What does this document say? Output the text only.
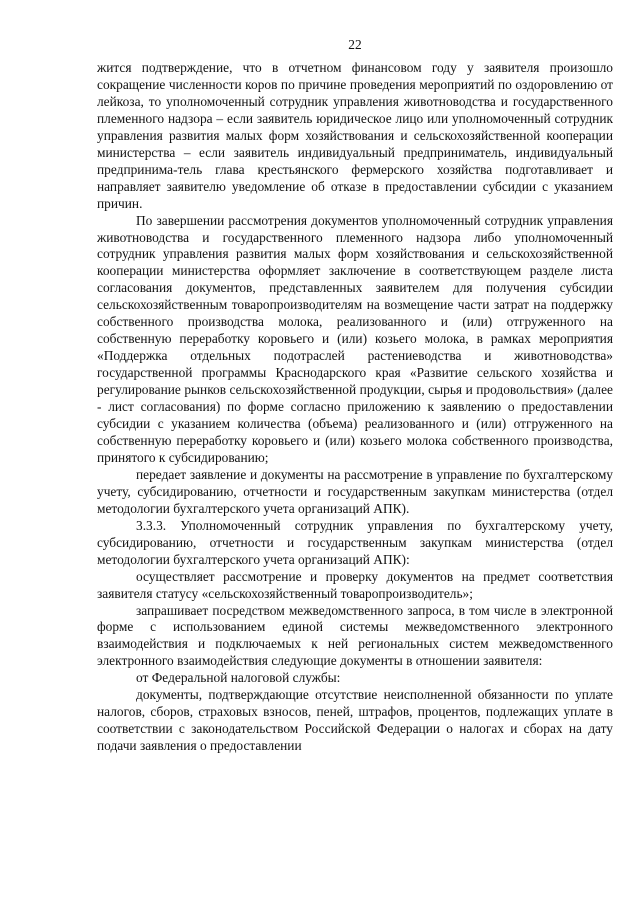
22

жится подтверждение, что в отчетном финансовом году у заявителя произошло сокращение численности коров по причине проведения мероприятий по оздоровлению от лейкоза, то уполномоченный сотрудник управления животноводства и государственного племенного надзора – если заявитель юридическое лицо или уполномоченный сотрудник управления развития малых форм хозяйствования и сельскохозяйственной кооперации министерства – если заявитель индивидуальный предприниматель, индивидуальный предпринима-тель глава крестьянского фермерского хозяйства подготавливает и направляет заявителю уведомление об отказе в предоставлении субсидии с указанием причин.

По завершении рассмотрения документов уполномоченный сотрудник управления животноводства и государственного племенного надзора либо уполномоченный сотрудник управления развития малых форм хозяйствования и сельскохозяйственной кооперации министерства оформляет заключение в соответствующем разделе листа согласования документов, представленных заявителем для получения субсидии сельскохозяйственным товаропроизводителям на возмещение части затрат на поддержку собственного производства молока, реализованного и (или) отгруженного на собственную переработку коровьего и (или) козьего молока, в рамках мероприятия «Поддержка отдельных подотраслей растениеводства и животноводства» государственной программы Краснодарского края «Развитие сельского хозяйства и регулирование рынков сельскохозяйственной продукции, сырья и продовольствия» (далее - лист согласования) по форме согласно приложению к заявлению о предоставлении субсидии с указанием количества (объема) реализованного и (или) отгруженного на собственную переработку коровьего и (или) козьего молока собственного производства, принятого к субсидированию;

передает заявление и документы на рассмотрение в управление по бухгалтерскому учету, субсидированию, отчетности и государственным закупкам министерства (отдел методологии бухгалтерского учета организаций АПК).

3.3.3. Уполномоченный сотрудник управления по бухгалтерскому учету, субсидированию, отчетности и государственным закупкам министерства (отдел методологии бухгалтерского учета организаций АПК):

осуществляет рассмотрение и проверку документов на предмет соответствия заявителя статусу «сельскохозяйственный товаропроизводитель»;

запрашивает посредством межведомственного запроса, в том числе в электронной форме с использованием единой системы межведомственного электронного взаимодействия и подключаемых к ней региональных систем межведомственного электронного взаимодействия следующие документы в отношении заявителя:

от Федеральной налоговой службы:

документы, подтверждающие отсутствие неисполненной обязанности по уплате налогов, сборов, страховых взносов, пеней, штрафов, процентов, подлежащих уплате в соответствии с законодательством Российской Федерации о налогах и сборах на дату подачи заявления о предоставлении
